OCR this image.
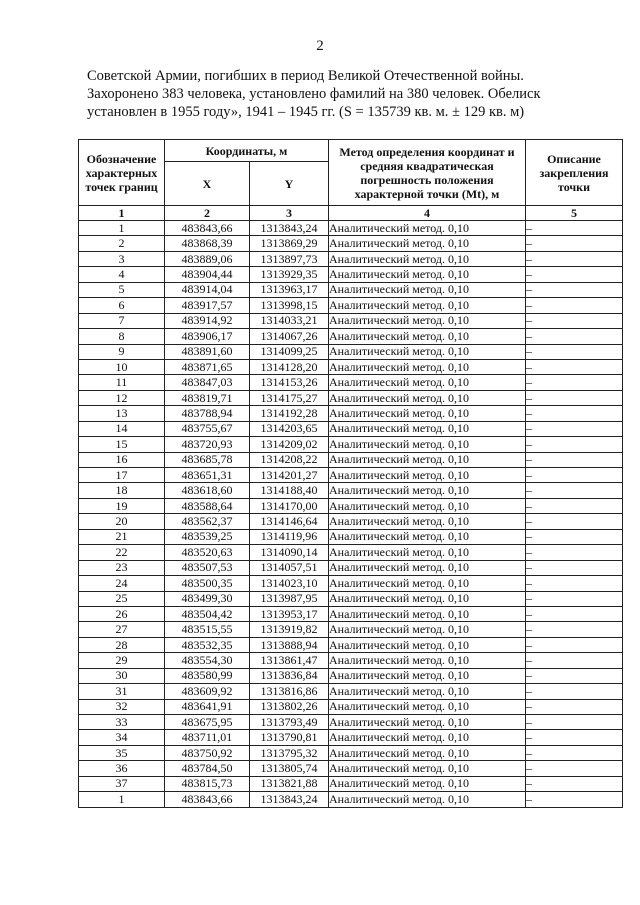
2
Советской Армии, погибших в период Великой Отечественной войны.
Захоронено 383 человека, установлено фамилий на 380 человек. Обелиск
установлен в 1955 году», 1941 – 1945 гг. (S = 135739 кв. м. ± 129 кв. м)
Обозначение характерных точек границ	Координаты, м		Метод определения координат и средняя квадратическая погрешность положения характерной точки (Mt), м	Описание закрепления точки
	X	Y		
1	2	3	4	5
1	483843,66	1313843,24	Аналитический метод. 0,10	–
2	483868,39	1313869,29	Аналитический метод. 0,10	–
3	483889,06	1313897,73	Аналитический метод. 0,10	–
4	483904,44	1313929,35	Аналитический метод. 0,10	–
5	483914,04	1313963,17	Аналитический метод. 0,10	–
6	483917,57	1313998,15	Аналитический метод. 0,10	–
7	483914,92	1314033,21	Аналитический метод. 0,10	–
8	483906,17	1314067,26	Аналитический метод. 0,10	–
9	483891,60	1314099,25	Аналитический метод. 0,10	–
10	483871,65	1314128,20	Аналитический метод. 0,10	–
11	483847,03	1314153,26	Аналитический метод. 0,10	–
12	483819,71	1314175,27	Аналитический метод. 0,10	–
13	483788,94	1314192,28	Аналитический метод. 0,10	–
14	483755,67	1314203,65	Аналитический метод. 0,10	–
15	483720,93	1314209,02	Аналитический метод. 0,10	–
16	483685,78	1314208,22	Аналитический метод. 0,10	–
17	483651,31	1314201,27	Аналитический метод. 0,10	–
18	483618,60	1314188,40	Аналитический метод. 0,10	–
19	483588,64	1314170,00	Аналитический метод. 0,10	–
20	483562,37	1314146,64	Аналитический метод. 0,10	–
21	483539,25	1314119,96	Аналитический метод. 0,10	–
22	483520,63	1314090,14	Аналитический метод. 0,10	–
23	483507,53	1314057,51	Аналитический метод. 0,10	–
24	483500,35	1314023,10	Аналитический метод. 0,10	–
25	483499,30	1313987,95	Аналитический метод. 0,10	–
26	483504,42	1313953,17	Аналитический метод. 0,10	–
27	483515,55	1313919,82	Аналитический метод. 0,10	–
28	483532,35	1313888,94	Аналитический метод. 0,10	–
29	483554,30	1313861,47	Аналитический метод. 0,10	–
30	483580,99	1313836,84	Аналитический метод. 0,10	–
31	483609,92	1313816,86	Аналитический метод. 0,10	–
32	483641,91	1313802,26	Аналитический метод. 0,10	–
33	483675,95	1313793,49	Аналитический метод. 0,10	–
34	483711,01	1313790,81	Аналитический метод. 0,10	–
35	483750,92	1313795,32	Аналитический метод. 0,10	–
36	483784,50	1313805,74	Аналитический метод. 0,10	–
37	483815,73	1313821,88	Аналитический метод. 0,10	–
1	483843,66	1313843,24	Аналитический метод. 0,10	–
